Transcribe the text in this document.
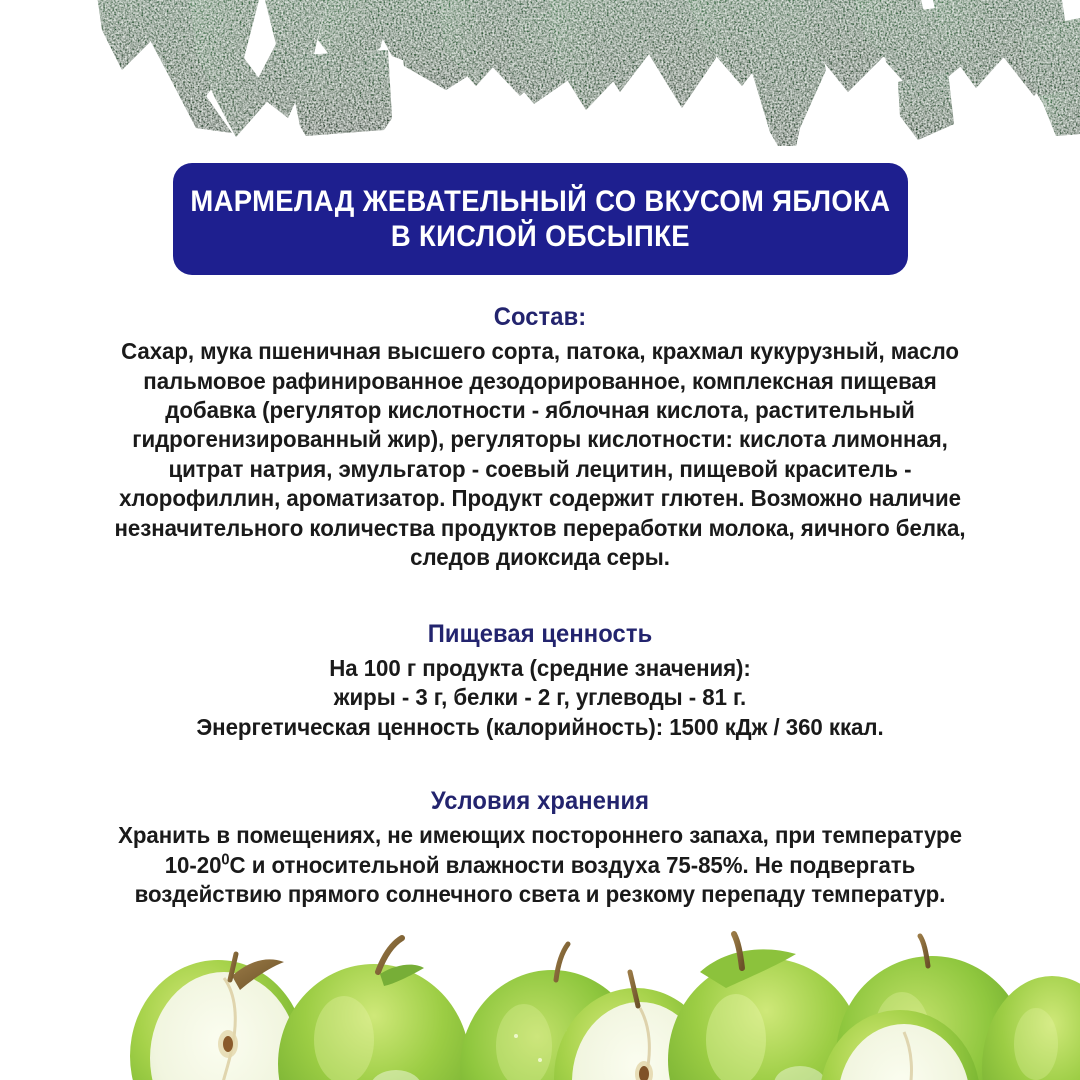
МАРМЕЛАД ЖЕВАТЕЛЬНЫЙ СО ВКУСОМ ЯБЛОКА
В КИСЛОЙ ОБСЫПКЕ
Состав:
Сахар, мука пшеничная высшего сорта, патока, крахмал кукурузный, масло пальмовое рафинированное дезодорированное, комплексная пищевая добавка (регулятор кислотности - яблочная кислота, растительный гидрогенизированный жир), регуляторы кислотности: кислота лимонная, цитрат натрия, эмульгатор - соевый лецитин, пищевой краситель - хлорофиллин, ароматизатор. Продукт содержит глютен. Возможно наличие незначительного количества продуктов переработки молока, яичного белка, следов диоксида серы.
Пищевая ценность
На 100 г продукта (средние значения):
жиры - 3 г, белки - 2 г, углеводы - 81 г.
Энергетическая ценность (калорийность): 1500 кДж / 360 ккал.
Условия хранения
Хранить в помещениях, не имеющих постороннего запаха, при температуре
$10-20^0С$ и относительной влажности воздуха 75-85%. Не подвергать
воздействию прямого солнечного света и резкому перепаду температур.
